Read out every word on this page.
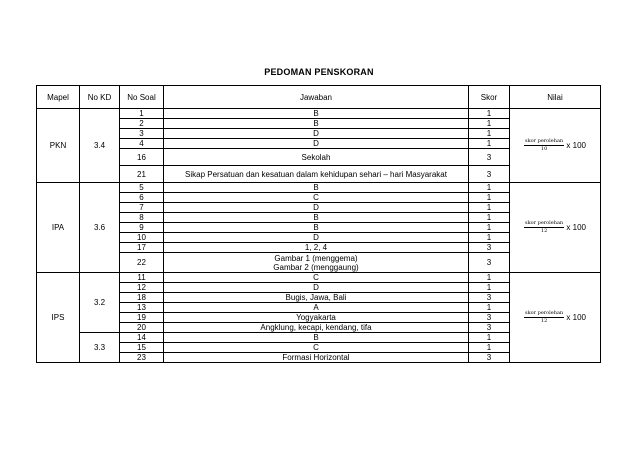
PEDOMAN PENSKORAN
Mapel	No KD	No Soal	Jawaban	Skor	Nilai
PKN	3.4	1	B	1	$\frac{\text{skor perolehan}}{10}$ x 100
		2	B	1	
		3	D	1	
		4	D	1	
		16	Sekolah	3	
		21	Sikap Persatuan dan kesatuan dalam kehidupan sehari – hari Masyarakat	3	
IPA	3.6	5	B	1	$\frac{\text{skor perolehan}}{12}$ x 100
		6	C	1	
		7	D	1	
		8	B	1	
		9	B	1	
		10	D	1	
		17	1, 2, 4	3	
		22	Gambar 1 (menggema)
Gambar 2 (menggaung)	3	
IPS	3.2	11	C	1	$\frac{\text{skor perolehan}}{12}$ x 100
		12	D	1	
		18	Bugis, Jawa, Bali	3	
		13	A	1	
		19	Yogyakarta	3	
		20	Angklung, kecapi, kendang, tifa	3	
	3.3	14	B	1	
		15	C	1	
		23	Formasi Horizontal	3	
